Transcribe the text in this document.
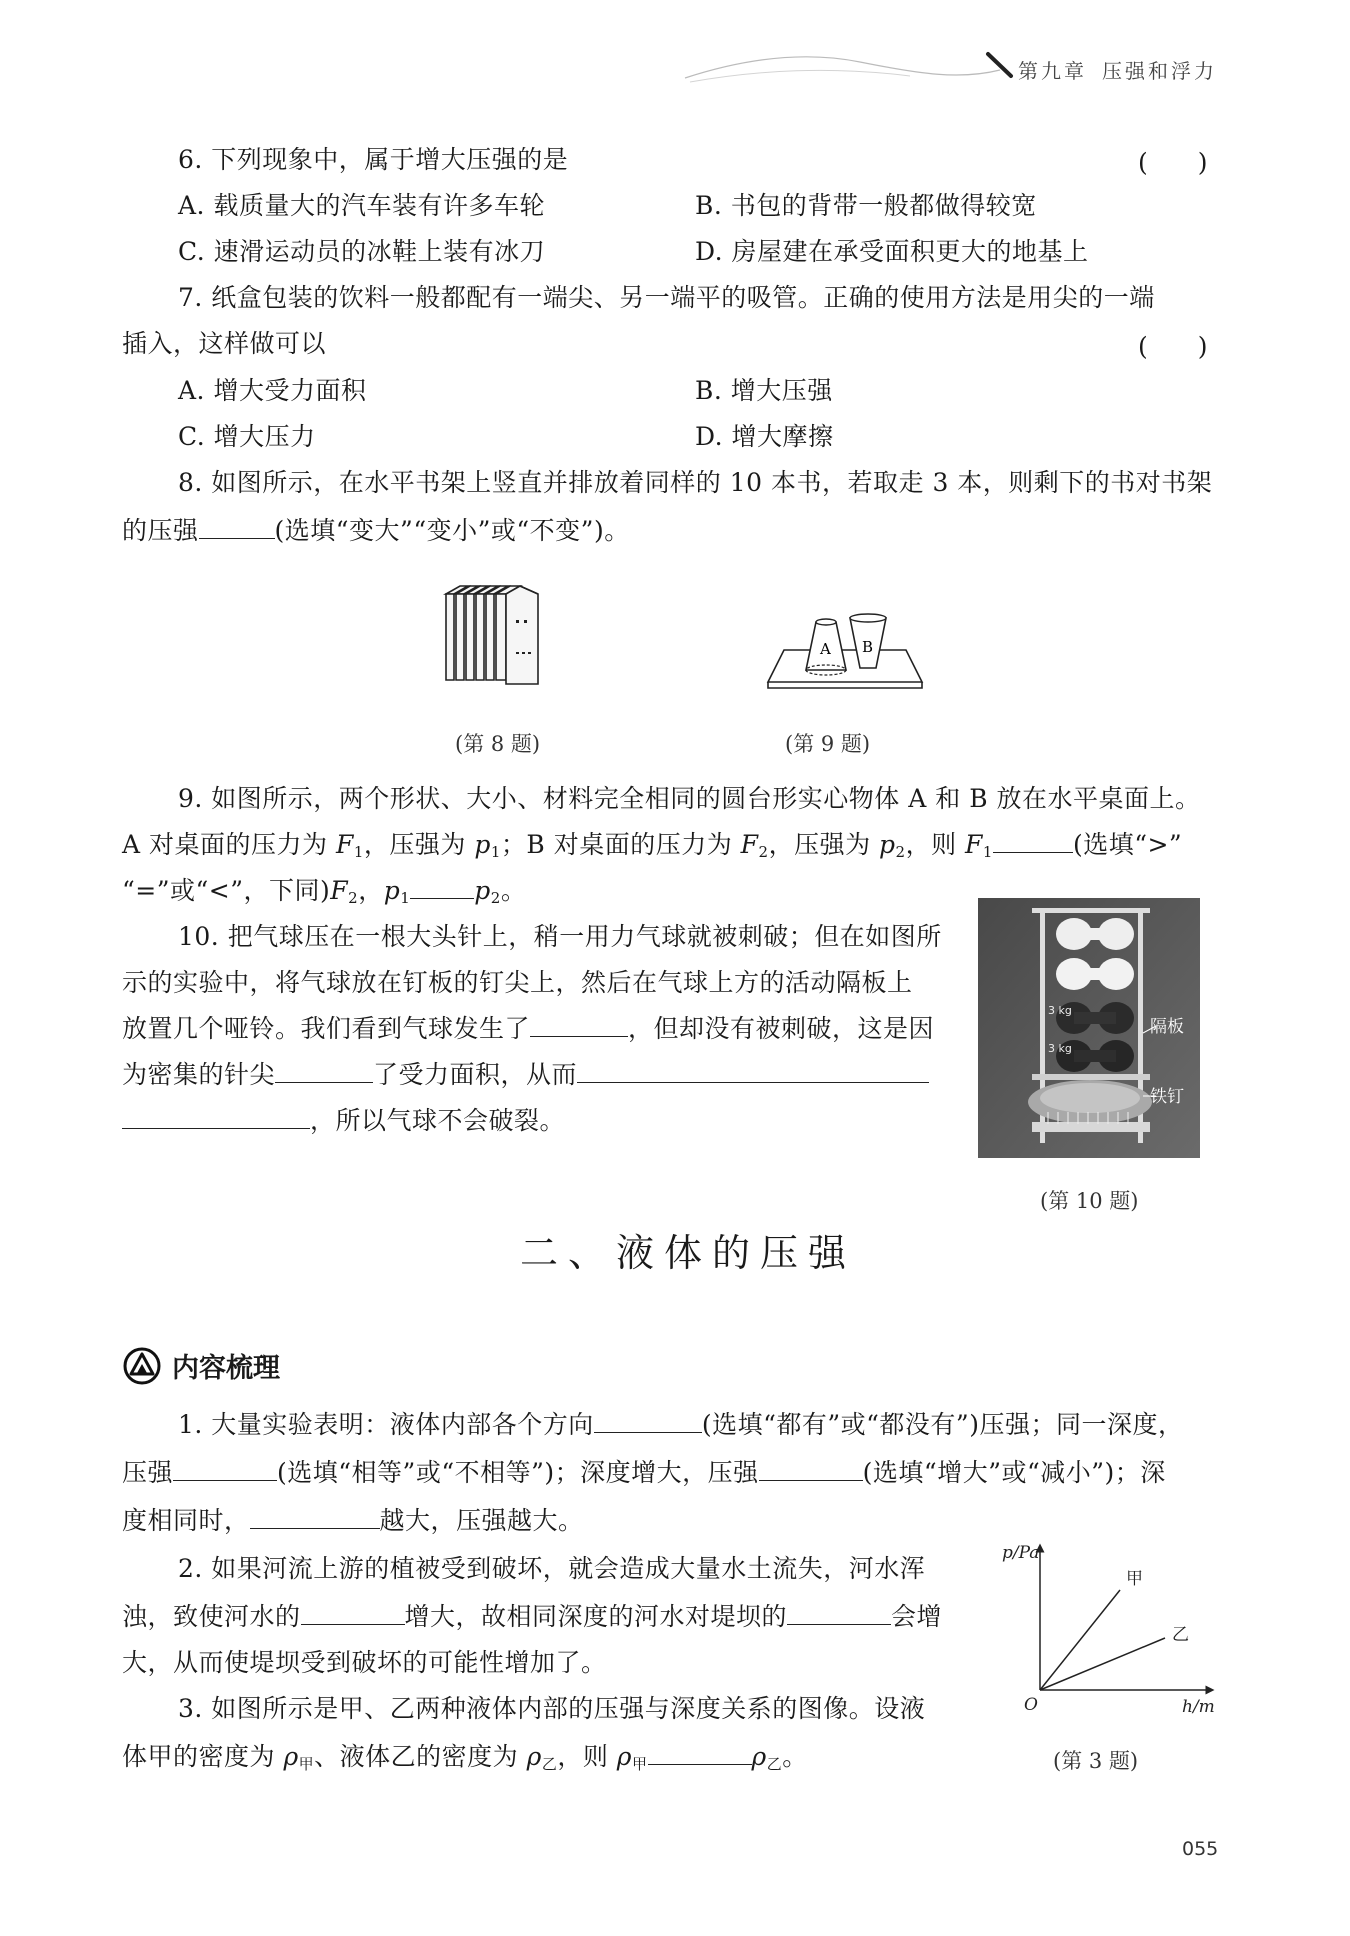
第九章 压强和浮力
6. 下列现象中，属于增大压强的是	(　　)
A. 载质量大的汽车装有许多车轮	B. 书包的背带一般都做得较宽
C. 速滑运动员的冰鞋上装有冰刀	D. 房屋建在承受面积更大的地基上
7. 纸盒包装的饮料一般都配有一端尖、另一端平的吸管。正确的使用方法是用尖的一端
插入，这样做可以	(　　)
A. 增大受力面积	B. 增大压强
C. 增大压力	D. 增大摩擦
8. 如图所示，在水平书架上竖直并排放着同样的 10 本书，若取走 3 本，则剩下的书对书架
的压强	(选填“变大”“变小”或“不变”)。
(第 8 题)
A B
(第 9 题)
9. 如图所示，两个形状、大小、材料完全相同的圆台形实心物体 A 和 B 放在水平桌面上。
A 对桌面的压力为 $F_1$，压强为 $p_1$；B 对桌面的压力为 $F_2$，压强为 $p_2$，则 $F_1$	(选填“>”
“=”或“<”，下同)$F_2$，$p_1$	$p_2$。
10. 把气球压在一根大头针上，稍一用力气球就被刺破；但在如图所
示的实验中，将气球放在钉板的钉尖上，然后在气球上方的活动隔板上
放置几个哑铃。我们看到气球发生了	，但却没有被刺破，这是因
为密集的针尖	了受力面积，从而
，所以气球不会破裂。
3 kg
3 kg
隔板
铁钉
(第 10 题)
二、液体的压强
内容梳理
1. 大量实验表明：液体内部各个方向	(选填“都有”或“都没有”)压强；同一深度，
压强	(选填“相等”或“不相等”)；深度增大，压强	(选填“增大”或“减小”)；深
度相同时，	越大，压强越大。
2. 如果河流上游的植被受到破坏，就会造成大量水土流失，河水浑
浊，致使河水的	增大，故相同深度的河水对堤坝的	会增
大，从而使堤坝受到破坏的可能性增加了。
3. 如图所示是甲、乙两种液体内部的压强与深度关系的图像。设液
体甲的密度为 $\rho_甲$、液体乙的密度为 $\rho_乙$，则 $\rho_甲$	$\rho_乙$。
p/Pa
h/m
O
甲
乙
(第 3 题)
055
